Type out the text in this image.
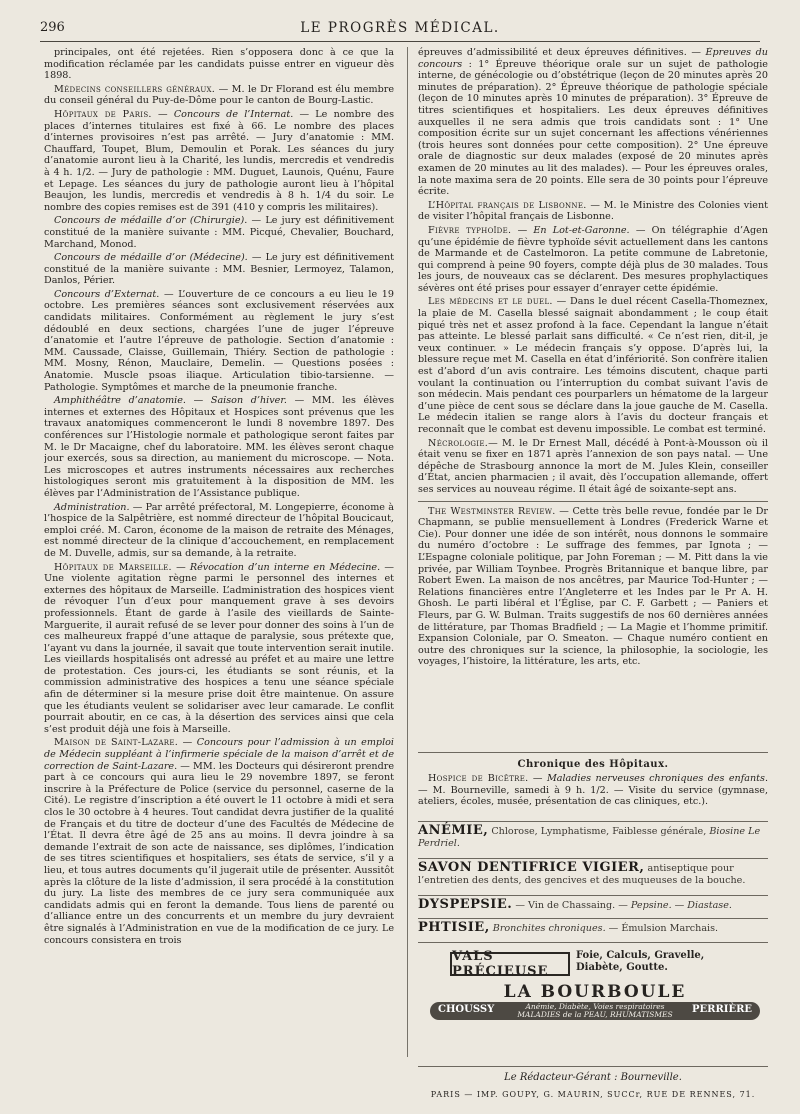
296	LE PROGRÈS MÉDICAL.

principales, ont été rejetées. Rien s’opposera donc à ce que la modification réclamée par les candidats puisse entrer en vigueur dès 1898.

Médecins conseillers généraux. — M. le Dr Florand est élu membre du conseil général du Puy-de-Dôme pour le canton de Bourg-Lastic.

Hôpitaux de Paris. — Concours de l’Internat. — Le nombre des places d’internes titulaires est fixé à 66. Le nombre des places d’internes provisoires n’est pas arrêté. — Jury d’anatomie : MM. Chauffard, Toupet, Blum, Demoulin et Porak. Les séances du jury d’anatomie auront lieu à la Charité, les lundis, mercredis et vendredis à 4 h. 1/2. — Jury de pathologie : MM. Duguet, Launois, Quénu, Faure et Lepage. Les séances du jury de pathologie auront lieu à l’hôpital Beaujon, les lundis, mercredis et vendredis à 8 h. 1/4 du soir. Le nombre des copies remises est de 391 (410 y compris les militaires).

Concours de médaille d’or (Chirurgie). — Le jury est définitivement constitué de la manière suivante : MM. Picqué, Chevalier, Bouchard, Marchand, Monod.

Concours de médaille d’or (Médecine). — Le jury est définitivement constitué de la manière suivante : MM. Besnier, Lermoyez, Talamon, Danlos, Périer.

Concours d’Externat. — L’ouverture de ce concours a eu lieu le 19 octobre. Les premières séances sont exclusivement réservées aux candidats militaires. Conformément au règlement le jury s’est dédoublé en deux sections, chargées l’une de juger l’épreuve d’anatomie et l’autre l’épreuve de pathologie. Section d’anatomie : MM. Caussade, Claisse, Guillemain, Thiéry. Section de pathologie : MM. Mosny, Rénon, Mauclaire, Demelin. — Questions posées : Anatomie. Muscle psoas iliaque. Articulation tibio-tarsienne. — Pathologie. Symptômes et marche de la pneumonie franche.

Amphithéâtre d’anatomie. — Saison d’hiver. — MM. les élèves internes et externes des Hôpitaux et Hospices sont prévenus que les travaux anatomiques commenceront le lundi 8 novembre 1897. Des conférences sur l’Histologie normale et pathologique seront faites par M. le Dr Macaigne, chef du laboratoire. MM. les élèves seront chaque jour exercés, sous sa direction, au maniement du microscope. — Nota. Les microscopes et autres instruments nécessaires aux recherches histologiques seront mis gratuitement à la disposition de MM. les élèves par l’Administration de l’Assistance publique.

Administration. — Par arrêté préfectoral, M. Longepierre, économe à l’hospice de la Salpêtrière, est nommé directeur de l’hôpital Boucicaut, emploi créé. M. Caron, économe de la maison de retraite des Ménages, est nommé directeur de la clinique d’accouchement, en remplacement de M. Duvelle, admis, sur sa demande, à la retraite.

Hôpitaux de Marseille. — Révocation d’un interne en Médecine. — Une violente agitation règne parmi le personnel des internes et externes des hôpitaux de Marseille. L’administration des hospices vient de révoquer l’un d’eux pour manquement grave à ses devoirs professionnels. Étant de garde à l’asile des vieillards de Sainte-Marguerite, il aurait refusé de se lever pour donner des soins à l’un de ces malheureux frappé d’une attaque de paralysie, sous prétexte que, l’ayant vu dans la journée, il savait que toute intervention serait inutile. Les vieillards hospitalisés ont adressé au préfet et au maire une lettre de protestation. Ces jours-ci, les étudiants se sont réunis, et la commission administrative des hospices a tenu une séance spéciale afin de déterminer si la mesure prise doit être maintenue. On assure que les étudiants veulent se solidariser avec leur camarade. Le conflit pourrait aboutir, en ce cas, à la désertion des services ainsi que cela s’est produit déjà une fois à Marseille.

Maison de Saint-Lazare. — Concours pour l’admission à un emploi de Médecin suppléant à l’infirmerie spéciale de la maison d’arrêt et de correction de Saint-Lazare. — MM. les Docteurs qui désireront prendre part à ce concours qui aura lieu le 29 novembre 1897, se feront inscrire à la Préfecture de Police (service du personnel, caserne de la Cité). Le registre d’inscription a été ouvert le 11 octobre à midi et sera clos le 30 octobre à 4 heures. Tout candidat devra justifier de la qualité de Français et du titre de docteur d’une des Facultés de Médecine de l’État. Il devra être âgé de 25 ans au moins. Il devra joindre à sa demande l’extrait de son acte de naissance, ses diplômes, l’indication de ses titres scientifiques et hospitaliers, ses états de service, s’il y a lieu, et tous autres documents qu’il jugerait utile de présenter. Aussitôt après la clôture de la liste d’admission, il sera procédé à la constitution du jury. La liste des membres de ce jury sera communiquée aux candidats admis qui en feront la demande. Tous liens de parenté ou d’alliance entre un des concurrents et un membre du jury devraient être signalés à l’Administration en vue de la modification de ce jury. Le concours consistera en trois

épreuves d’admissibilité et deux épreuves définitives. — Épreuves du concours : 1° Épreuve théorique orale sur un sujet de pathologie interne, de génécologie ou d’obstétrique (leçon de 20 minutes après 20 minutes de préparation). 2° Épreuve théorique de pathologie spéciale (leçon de 10 minutes après 10 minutes de préparation). 3° Épreuve de titres scientifiques et hospitaliers. Les deux épreuves définitives auxquelles il ne sera admis que trois candidats sont : 1° Une composition écrite sur un sujet concernant les affections vénériennes (trois heures sont données pour cette composition). 2° Une épreuve orale de diagnostic sur deux malades (exposé de 20 minutes après examen de 20 minutes au lit des malades). — Pour les épreuves orales, la note maxima sera de 20 points. Elle sera de 30 points pour l’épreuve écrite.

L’Hôpital français de Lisbonne. — M. le Ministre des Colonies vient de visiter l’hôpital français de Lisbonne.

Fièvre typhoïde. — En Lot-et-Garonne. — On télégraphie d’Agen qu’une épidémie de fièvre typhoïde sévit actuellement dans les cantons de Marmande et de Castelmoron. La petite commune de Labretonie, qui comprend à peine 90 foyers, compte déjà plus de 30 malades. Tous les jours, de nouveaux cas se déclarent. Des mesures prophylactiques sévères ont été prises pour essayer d’enrayer cette épidémie.

Les médecins et le duel. — Dans le duel récent Casella-Thomeznex, la plaie de M. Casella blessé saignait abondamment ; le coup était piqué très net et assez profond à la face. Cependant la langue n’était pas atteinte. Le blessé parlait sans difficulté. « Ce n’est rien, dit-il, je veux continuer. » Le médecin français s’y oppose. D’après lui, la blessure reçue met M. Casella en état d’infériorité. Son confrère italien est d’abord d’un avis contraire. Les témoins discutent, chaque parti voulant la continuation ou l’interruption du combat suivant l’avis de son médecin. Mais pendant ces pourparlers un hématome de la largeur d’une pièce de cent sous se déclare dans la joue gauche de M. Casella. Le médecin italien se range alors à l’avis du docteur français et reconnaît que le combat est devenu impossible. Le combat est terminé.

Nécrologie.— M. le Dr Ernest Mall, décédé à Pont-à-Mousson où il était venu se fixer en 1871 après l’annexion de son pays natal. — Une dépêche de Strasbourg annonce la mort de M. Jules Klein, conseiller d’État, ancien pharmacien ; il avait, dès l’occupation allemande, offert ses services au nouveau régime. Il était âgé de soixante-sept ans.

The Westminster Review. — Cette très belle revue, fondée par le Dr Chapmann, se publie mensuellement à Londres (Frederick Warne et Cie). Pour donner une idée de son intérêt, nous donnons le sommaire du numéro d’octobre : Le suffrage des femmes, par Ignota ; — L’Espagne coloniale politique, par John Foreman ; — M. Pitt dans la vie privée, par William Toynbee. Progrès Britannique et banque libre, par Robert Ewen. La maison de nos ancêtres, par Maurice Tod-Hunter ; — Relations financières entre l’Angleterre et les Indes par le Pr A. H. Ghosh. Le parti libéral et l’Église, par C. F. Garbett ; — Paniers et Fleurs, par G. W. Bulman. Traits suggestifs de nos 60 dernières années de littérature, par Thomas Bradfield ; — La Magie et l’homme primitif. Expansion Coloniale, par O. Smeaton. — Chaque numéro contient en outre des chroniques sur la science, la philosophie, la sociologie, les voyages, l’histoire, la littérature, les arts, etc.

Chronique des Hôpitaux.

Hospice de Bicêtre. — Maladies nerveuses chroniques des enfants. — M. Bourneville, samedi à 9 h. 1/2. — Visite du service (gymnase, ateliers, écoles, musée, présentation de cas cliniques, etc.).

ANÉMIE, Chlorose, Lymphatisme, Faiblesse générale, Biosine Le Perdriel.
SAVON DENTIFRICE VIGIER, antiseptique pour l’entretien des dents, des gencives et des muqueuses de la bouche.
DYSPEPSIE. — Vin de Chassaing. — Pepsine. — Diastase.
PHTISIE, Bronchites chroniques. — Émulsion Marchais.
VALS PRÉCIEUSE
Foie, Calculs, Gravelle,
Diabète, Goutte.
LA BOURBOULE
CHOUSSY	Anémie, Diabète, Voies respiratoires
MALADIES de la PEAU, RHUMATISMES	PERRIÈRE
Le Rédacteur-Gérant : Bourneville.
PARIS — IMP. GOUPY, G. MAURIN, SUCCr, RUE DE RENNES, 71.
